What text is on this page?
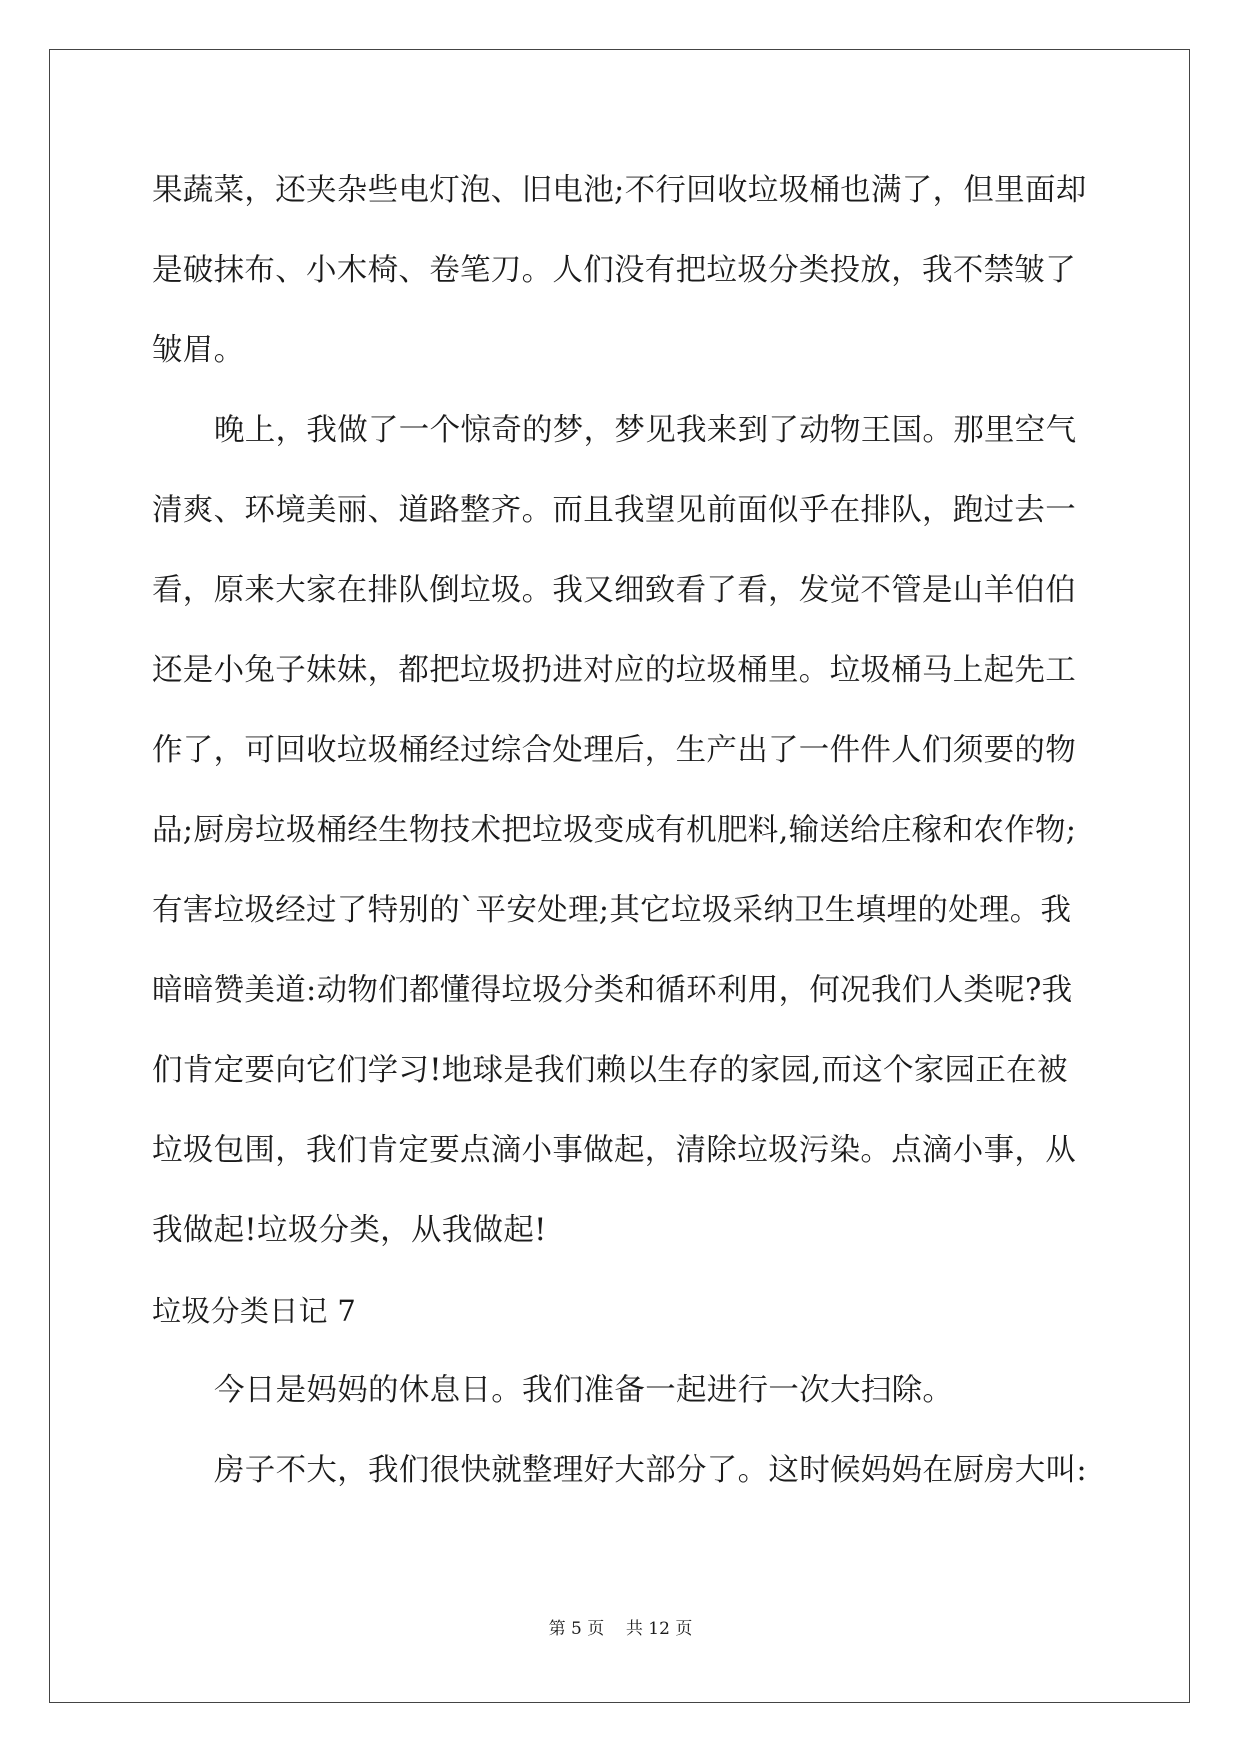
果蔬菜，还夹杂些电灯泡、旧电池;不行回收垃圾桶也满了，但里面却
是破抹布、小木椅、卷笔刀。人们没有把垃圾分类投放，我不禁皱了
皱眉。
晚上，我做了一个惊奇的梦，梦见我来到了动物王国。那里空气
清爽、环境美丽、道路整齐。而且我望见前面似乎在排队，跑过去一
看，原来大家在排队倒垃圾。我又细致看了看，发觉不管是山羊伯伯
还是小兔子妹妹，都把垃圾扔进对应的垃圾桶里。垃圾桶马上起先工
作了，可回收垃圾桶经过综合处理后，生产出了一件件人们须要的物
品;厨房垃圾桶经生物技术把垃圾变成有机肥料,输送给庄稼和农作物;
有害垃圾经过了特别的`平安处理;其它垃圾采纳卫生填埋的处理。我
暗暗赞美道:动物们都懂得垃圾分类和循环利用，何况我们人类呢?我
们肯定要向它们学习!地球是我们赖以生存的家园,而这个家园正在被
垃圾包围，我们肯定要点滴小事做起，清除垃圾污染。点滴小事，从
我做起!垃圾分类，从我做起!
垃圾分类日记 7
今日是妈妈的休息日。我们准备一起进行一次大扫除。
房子不大，我们很快就整理好大部分了。这时候妈妈在厨房大叫:
第 5 页    共 12 页
